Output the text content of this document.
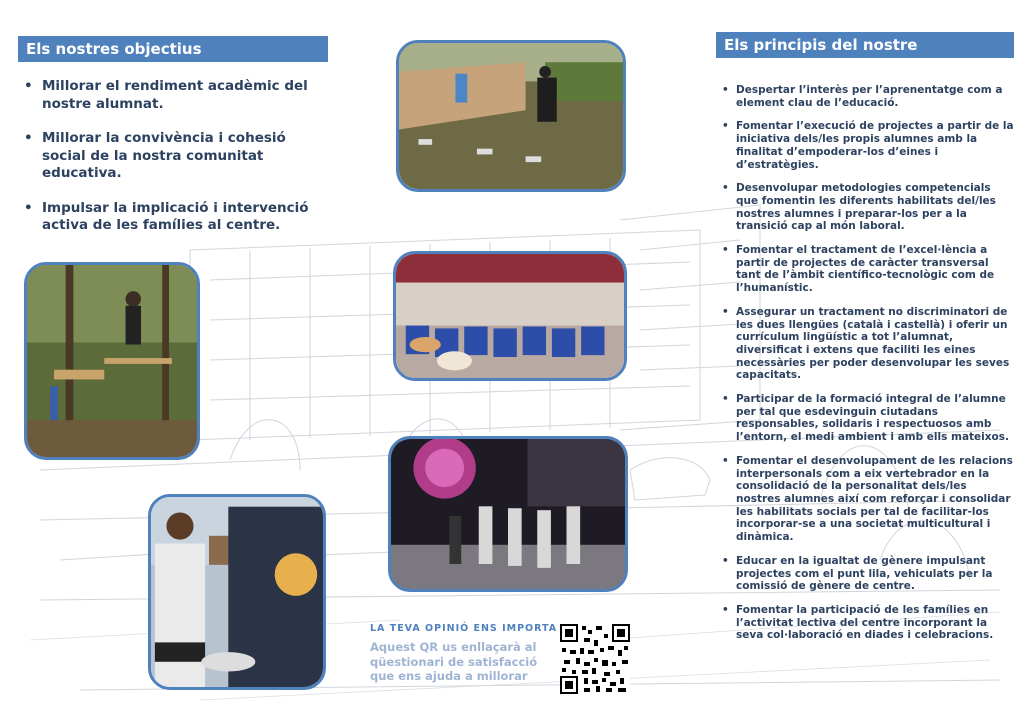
Els nostres objectius
• Millorar el rendiment acadèmic del nostre alumnat.
• Millorar la convivència i cohesió social de la nostra comunitat educativa.
• Impulsar la implicació i intervenció activa de les famílies al centre.
LA TEVA OPINIÓ ENS IMPORTA
Aquest QR us enllaçarà al qüestionari de satisfacció que ens ajuda a millorar
Els principis del nostre
• Despertar l’interès per l’aprenentatge com a element clau de l’educació.
• Fomentar l’execució de projectes a partir de la iniciativa dels/les propis alumnes amb la finalitat d’empoderar-los d’eines i d’estratègies.
• Desenvolupar metodologies competencials que fomentin les diferents habilitats del/les nostres alumnes i preparar-los per a la transició cap al món laboral.
• Fomentar el tractament de l’excel·lència a partir de projectes de caràcter transversal tant de l’àmbit científico-tecnològic com de l’humanístic.
• Assegurar un tractament no discriminatori de les dues llengües (català i castellà) i oferir un currículum lingüístic a tot l’alumnat, diversificat i extens que faciliti les eines necessàries per poder desenvolupar les seves capacitats.
• Participar de la formació integral de l’alumne per tal que esdevinguin ciutadans responsables, solidaris i respectuosos amb l’entorn, el medi ambient i amb ells mateixos.
• Fomentar el desenvolupament de les relacions interpersonals com a eix vertebrador en la consolidació de la personalitat dels/les nostres alumnes així com reforçar i consolidar les habilitats socials per tal de facilitar-los incorporar-se a una societat multicultural i dinàmica.
• Educar en la igualtat de gènere impulsant projectes com el punt lila, vehiculats per la comissió de gènere de centre.
• Fomentar la participació de les famílies en l’activitat lectiva del centre incorporant la seva col·laboració en diades i celebracions.
